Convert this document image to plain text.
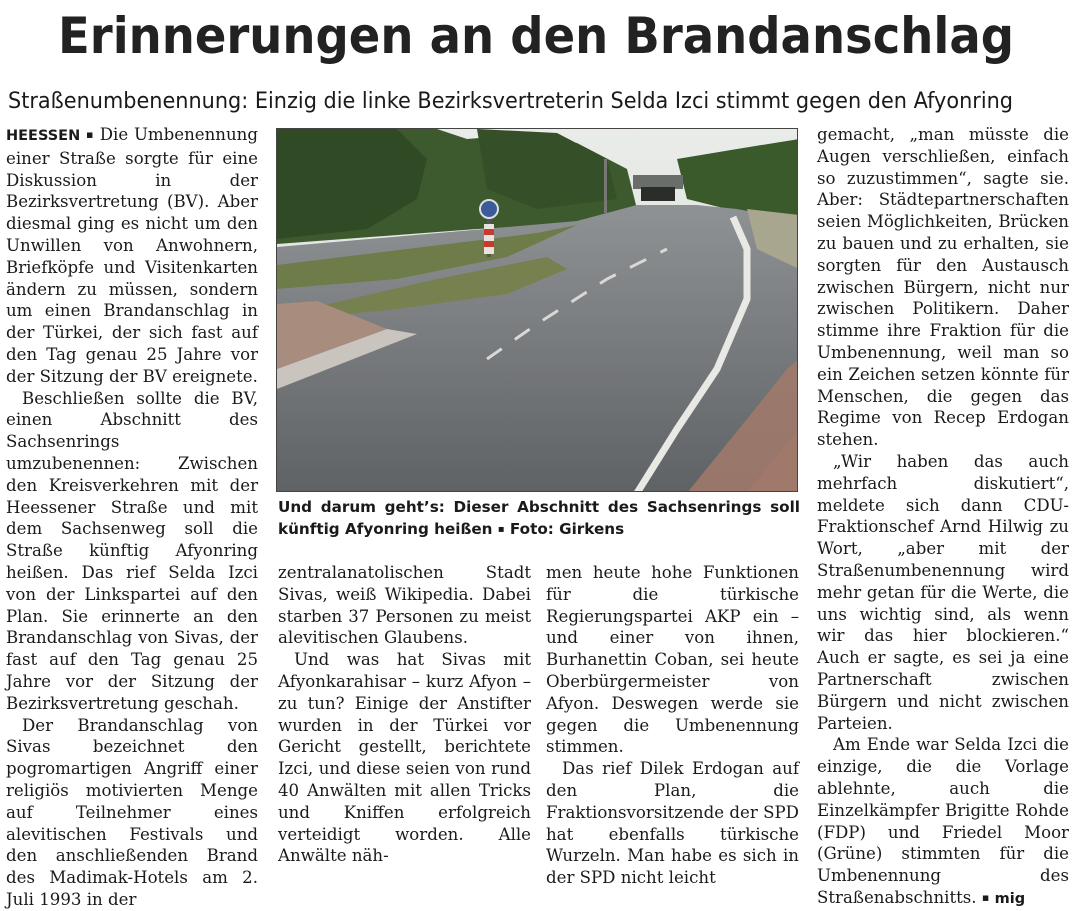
Erinnerungen an den Brandanschlag
Straßenumbenennung: Einzig die linke Bezirksvertreterin Selda Izci stimmt gegen den Afyonring

HEESSEN ▪ Die Umbenennung einer Straße sorgte für eine Diskussion in der Bezirksvertretung (BV). Aber diesmal ging es nicht um den Unwillen von Anwohnern, Briefköpfe und Visitenkarten ändern zu müssen, sondern um einen Brandanschlag in der Türkei, der sich fast auf den Tag genau 25 Jahre vor der Sitzung der BV ereignete.

Beschließen sollte die BV, einen Abschnitt des Sachsenrings umzubenennen: Zwischen den Kreisverkehren mit der Heessener Straße und mit dem Sachsenweg soll die Straße künftig Afyonring heißen. Das rief Selda Izci von der Linkspartei auf den Plan. Sie erinnerte an den Brandanschlag von Sivas, der fast auf den Tag genau 25 Jahre vor der Sitzung der Bezirksvertretung geschah.

Der Brandanschlag von Sivas bezeichnet den pogromartigen Angriff einer religiös motivierten Menge auf Teilnehmer eines alevitischen Festivals und den anschließenden Brand des Madimak-Hotels am 2. Juli 1993 in der

Und darum geht’s: Dieser Abschnitt des Sachsenrings soll künftig Afyonring heißen ▪ Foto: Girkens

zentralanatolischen Stadt Sivas, weiß Wikipedia. Dabei starben 37 Personen zu meist alevitischen Glaubens.

Und was hat Sivas mit Afyonkarahisar – kurz Afyon – zu tun? Einige der Anstifter wurden in der Türkei vor Gericht gestellt, berichtete Izci, und diese seien von rund 40 Anwälten mit allen Tricks und Kniffen erfolgreich verteidigt worden. Alle Anwälte näh-

men heute hohe Funktionen für die türkische Regierungspartei AKP ein – und einer von ihnen, Burhanettin Coban, sei heute Oberbürgermeister von Afyon. Deswegen werde sie gegen die Umbenennung stimmen.

Das rief Dilek Erdogan auf den Plan, die Fraktionsvorsitzende der SPD hat ebenfalls türkische Wurzeln. Man habe es sich in der SPD nicht leicht

gemacht, „man müsste die Augen verschließen, einfach so zuzustimmen“, sagte sie. Aber: Städtepartnerschaften seien Möglichkeiten, Brücken zu bauen und zu erhalten, sie sorgten für den Austausch zwischen Bürgern, nicht nur zwischen Politikern. Daher stimme ihre Fraktion für die Umbenennung, weil man so ein Zeichen setzen könnte für Menschen, die gegen das Regime von Recep Erdogan stehen.

„Wir haben das auch mehrfach diskutiert“, meldete sich dann CDU-Fraktionschef Arnd Hilwig zu Wort, „aber mit der Straßenumbenennung wird mehr getan für die Werte, die uns wichtig sind, als wenn wir das hier blockieren.“ Auch er sagte, es sei ja eine Partnerschaft zwischen Bürgern und nicht zwischen Parteien.

Am Ende war Selda Izci die einzige, die die Vorlage ablehnte, auch die Einzelkämpfer Brigitte Rohde (FDP) und Friedel Moor (Grüne) stimmten für die Umbenennung des Straßenabschnitts. ▪ mig
